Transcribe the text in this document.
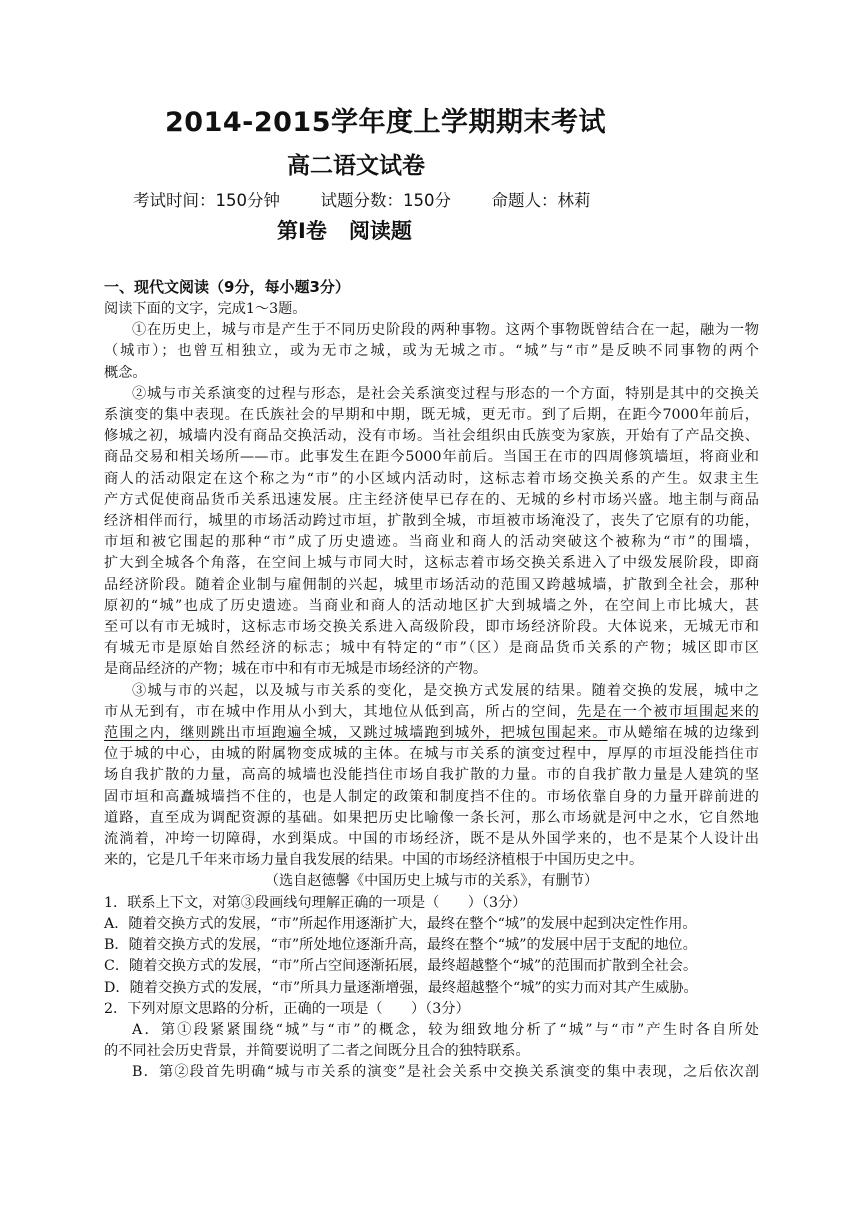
2014-2015学年度上学期期末考试
高二语文试卷
考试时间：150分钟 试题分数：150分 命题人：林莉
第Ⅰ卷 阅读题
一、现代文阅读（9分，每小题3分）
阅读下面的文字，完成1～3题。
①在历史上，城与市是产生于不同历史阶段的两种事物。这两个事物既曾结合在一起，融为一物
（城市）；也曾互相独立，或为无市之城，或为无城之市。“城”与“市”是反映不同事物的两个
概念。
②城与市关系演变的过程与形态，是社会关系演变过程与形态的一个方面，特别是其中的交换关
系演变的集中表现。在氏族社会的早期和中期，既无城，更无市。到了后期，在距今7000年前后，
修城之初，城墙内没有商品交换活动，没有市场。当社会组织由氏族变为家族，开始有了产品交换、
商品交易和相关场所——市。此事发生在距今5000年前后。当国王在市的四周修筑墙垣，将商业和
商人的活动限定在这个称之为“市”的小区域内活动时，这标志着市场交换关系的产生。奴隶主生
产方式促使商品货币关系迅速发展。庄主经济使早已存在的、无城的乡村市场兴盛。地主制与商品
经济相伴而行，城里的市场活动跨过市垣，扩散到全城，市垣被市场淹没了，丧失了它原有的功能，
市垣和被它围起的那种“市”成了历史遗迹。当商业和商人的活动突破这个被称为“市”的围墙，
扩大到全城各个角落，在空间上城与市同大时，这标志着市场交换关系进入了中级发展阶段，即商
品经济阶段。随着企业制与雇佣制的兴起，城里市场活动的范围又跨越城墙，扩散到全社会，那种
原初的“城”也成了历史遗迹。当商业和商人的活动地区扩大到城墙之外，在空间上市比城大，甚
至可以有市无城时，这标志市场交换关系进入高级阶段，即市场经济阶段。大体说来，无城无市和
有城无市是原始自然经济的标志；城中有特定的“市”（区）是商品货币关系的产物；城区即市区
是商品经济的产物；城在市中和有市无城是市场经济的产物。
③城与市的兴起，以及城与市关系的变化，是交换方式发展的结果。随着交换的发展，城中之
市从无到有，市在城中作用从小到大，其地位从低到高，所占的空间，先是在一个被市垣围起来的
范围之内，继则跳出市垣跑遍全城，又跳过城墙跑到城外，把城包围起来。市从蜷缩在城的边缘到
位于城的中心，由城的附属物变成城的主体。在城与市关系的演变过程中，厚厚的市垣没能挡住市
场自我扩散的力量，高高的城墙也没能挡住市场自我扩散的力量。市的自我扩散力量是人建筑的坚
固市垣和高矗城墙挡不住的，也是人制定的政策和制度挡不住的。市场依靠自身的力量开辟前进的
道路，直至成为调配资源的基础。如果把历史比喻像一条长河，那么市场就是河中之水，它自然地
流淌着，冲垮一切障碍，水到渠成。中国的市场经济，既不是从外国学来的，也不是某个人设计出
来的，它是几千年来市场力量自我发展的结果。中国的市场经济植根于中国历史之中。
（选自赵德馨《中国历史上城与市的关系》，有删节）
1．联系上下文，对第③段画线句理解正确的一项是（　　）（3分）
A．随着交换方式的发展，“市”所起作用逐渐扩大，最终在整个“城”的发展中起到决定性作用。
B．随着交换方式的发展，“市”所处地位逐渐升高，最终在整个“城”的发展中居于支配的地位。
C．随着交换方式的发展，“市”所占空间逐渐拓展，最终超越整个“城”的范围而扩散到全社会。
D．随着交换方式的发展，“市”所具力量逐渐增强，最终超越整个“城”的实力而对其产生威胁。
2．下列对原文思路的分析，正确的一项是（　　）（3分）
A．第①段紧紧围绕“城”与“市”的概念，较为细致地分析了“城”与“市”产生时各自所处
的不同社会历史背景，并简要说明了二者之间既分且合的独特联系。
B．第②段首先明确“城与市关系的演变”是社会关系中交换关系演变的集中表现，之后依次剖
